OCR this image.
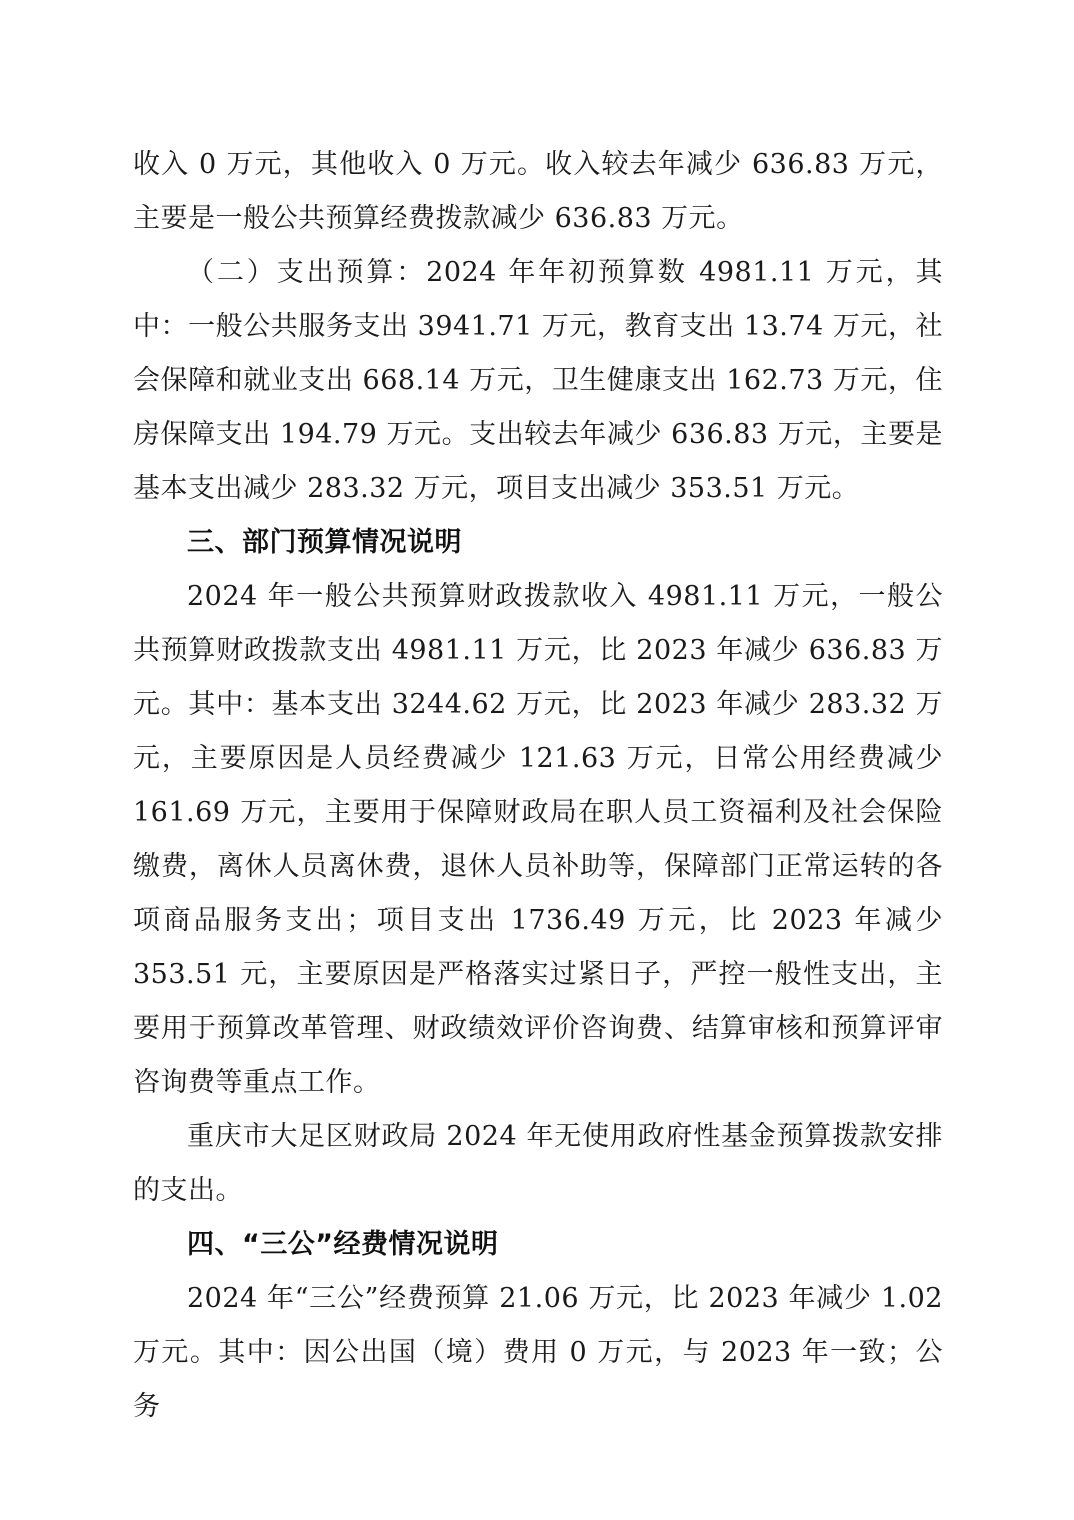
收入 0 万元，其他收入 0 万元。收入较去年减少 636.83 万元，主要是一般公共预算经费拨款减少 636.83 万元。

（二）支出预算：2024 年年初预算数 4981.11 万元，其中：一般公共服务支出 3941.71 万元，教育支出 13.74 万元，社会保障和就业支出 668.14 万元，卫生健康支出 162.73 万元，住房保障支出 194.79 万元。支出较去年减少 636.83 万元，主要是基本支出减少 283.32 万元，项目支出减少 353.51 万元。

三、部门预算情况说明

2024 年一般公共预算财政拨款收入 4981.11 万元，一般公共预算财政拨款支出 4981.11 万元，比 2023 年减少 636.83 万元。其中：基本支出 3244.62 万元，比 2023 年减少 283.32 万元，主要原因是人员经费减少 121.63 万元，日常公用经费减少 161.69 万元，主要用于保障财政局在职人员工资福利及社会保险缴费，离休人员离休费，退休人员补助等，保障部门正常运转的各项商品服务支出；项目支出 1736.49 万元，比 2023 年减少 353.51 元，主要原因是严格落实过紧日子，严控一般性支出，主要用于预算改革管理、财政绩效评价咨询费、结算审核和预算评审咨询费等重点工作。

重庆市大足区财政局 2024 年无使用政府性基金预算拨款安排的支出。

四、“三公”经费情况说明

2024 年“三公”经费预算 21.06 万元，比 2023 年减少 1.02 万元。其中：因公出国（境）费用 0 万元，与 2023 年一致；公务
